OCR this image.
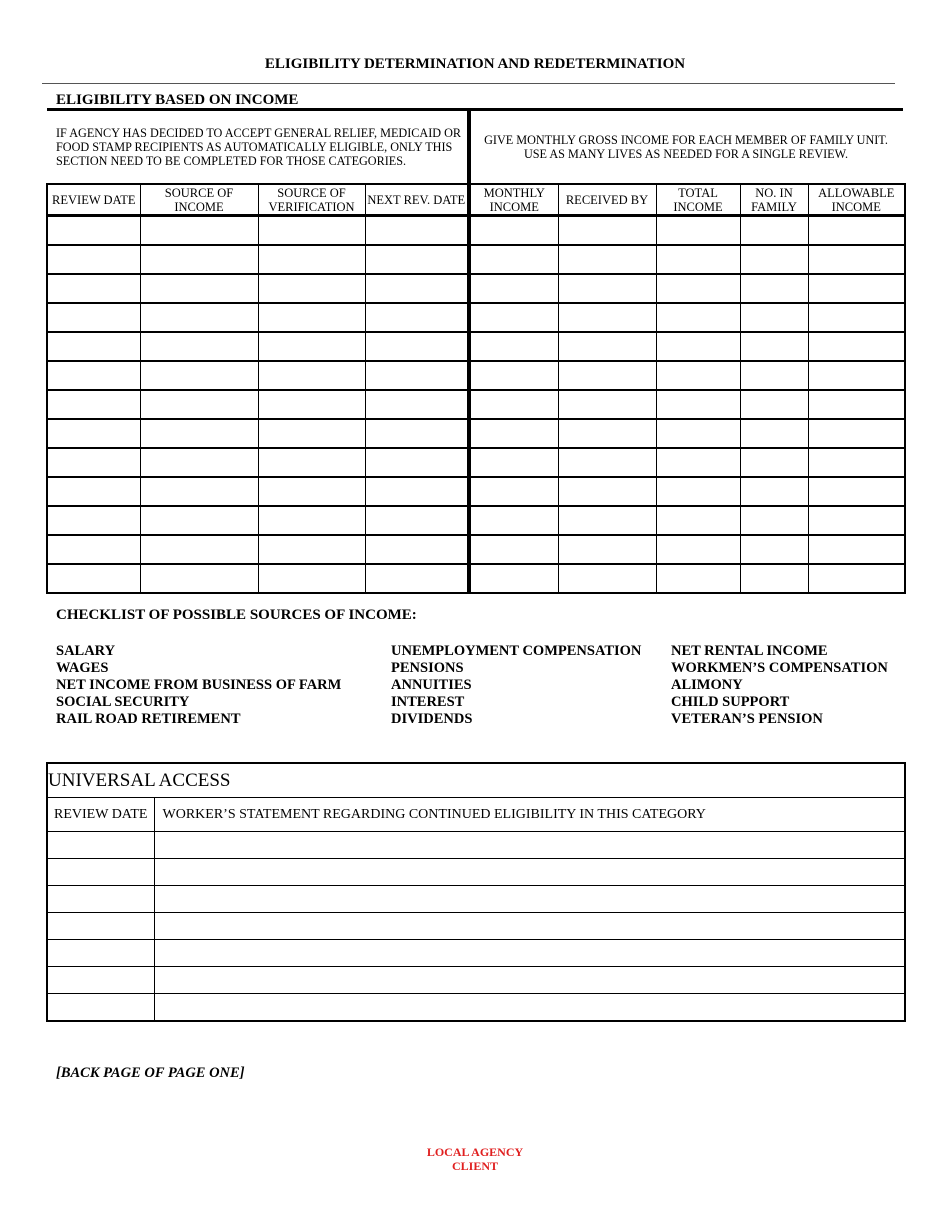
ELIGIBILITY DETERMINATION AND REDETERMINATION
ELIGIBILITY BASED ON INCOME
IF AGENCY HAS DECIDED TO ACCEPT GENERAL RELIEF, MEDICAID OR FOOD STAMP RECIPIENTS AS AUTOMATICALLY ELIGIBLE, ONLY THIS SECTION NEED TO BE COMPLETED FOR THOSE CATEGORIES.
GIVE MONTHLY GROSS INCOME FOR EACH MEMBER OF FAMILY UNIT. USE AS MANY LIVES AS NEEDED FOR A SINGLE REVIEW.
REVIEW DATE	SOURCE OF INCOME	SOURCE OF VERIFICATION	NEXT REV. DATE	MONTHLY INCOME	RECEIVED BY	TOTAL INCOME	NO. IN FAMILY	ALLOWABLE INCOME

CHECKLIST OF POSSIBLE SOURCES OF INCOME:
SALARY
WAGES
NET INCOME FROM BUSINESS OF FARM
SOCIAL SECURITY
RAIL ROAD RETIREMENT
UNEMPLOYMENT COMPENSATION
PENSIONS
ANNUITIES
INTEREST
DIVIDENDS
NET RENTAL INCOME
WORKMEN’S COMPENSATION
ALIMONY
CHILD SUPPORT
VETERAN’S PENSION
UNIVERSAL ACCESS	
REVIEW DATE	WORKER’S STATEMENT REGARDING CONTINUED ELIGIBILITY IN THIS CATEGORY

[BACK PAGE OF PAGE ONE]
LOCAL AGENCY
CLIENT
